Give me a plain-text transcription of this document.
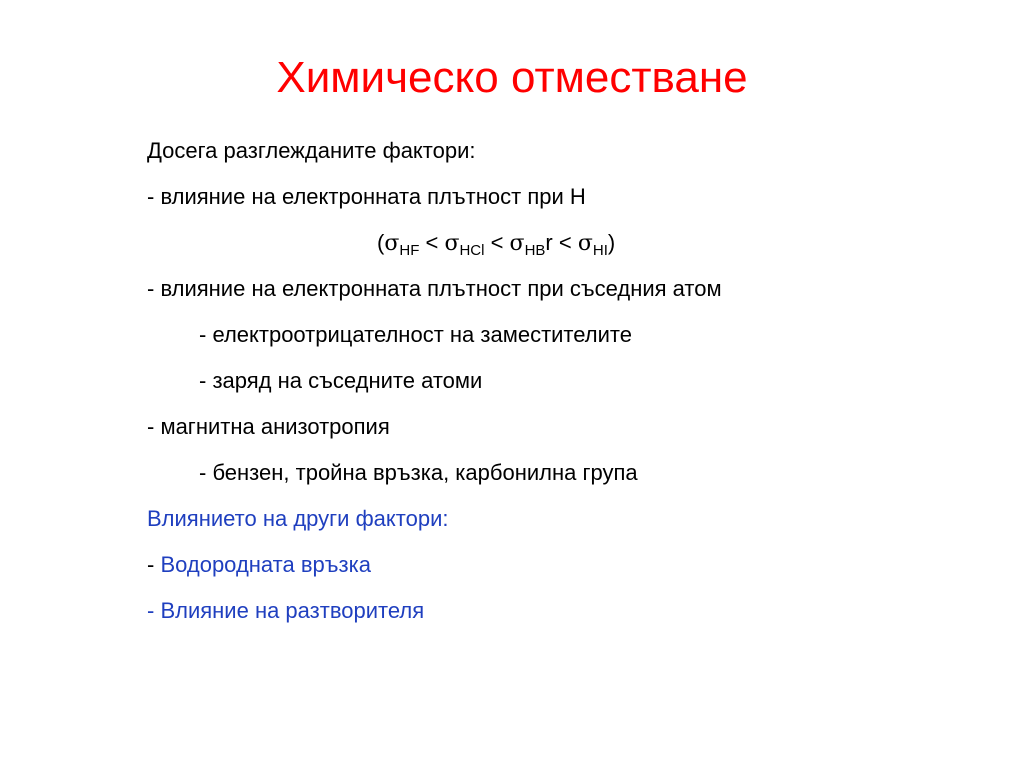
Химическо отместване
Досега разглежданите фактори:
- влияние на електронната плътност при Н
$(\sigma_{HF} < \sigma_{HCl} < \sigma_{HB}r < \sigma_{HI})$
- влияние на електронната плътност при съседния атом
- електроотрицателност на заместителите
- заряд на съседните атоми
- магнитна анизотропия
- бензен, тройна връзка, карбонилна група
Влиянието на други фактори:
- Водородната връзка
- Влияние на разтворителя
